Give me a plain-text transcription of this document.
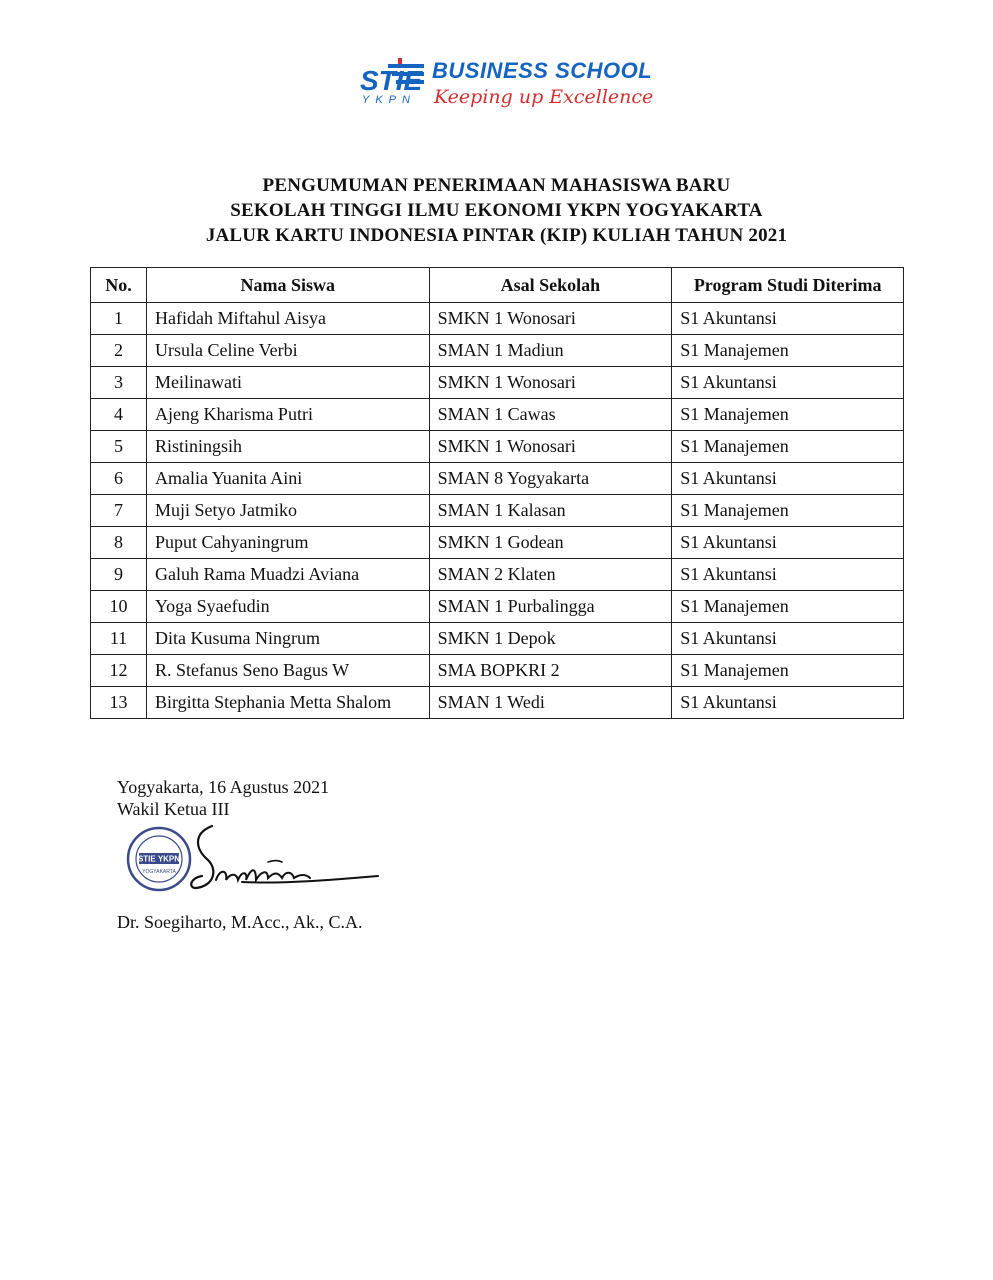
STIE
YKPN
BUSINESS SCHOOL
Keeping up Excellence
PENGUMUMAN PENERIMAAN MAHASISWA BARU
SEKOLAH TINGGI ILMU EKONOMI YKPN YOGYAKARTA
JALUR KARTU INDONESIA PINTAR (KIP) KULIAH TAHUN 2021
No.	Nama Siswa	Asal Sekolah	Program Studi Diterima
1	Hafidah Miftahul Aisya	SMKN 1 Wonosari	S1 Akuntansi
2	Ursula Celine Verbi	SMAN 1 Madiun	S1 Manajemen
3	Meilinawati	SMKN 1 Wonosari	S1 Akuntansi
4	Ajeng Kharisma Putri	SMAN 1 Cawas	S1 Manajemen
5	Ristiningsih	SMKN 1 Wonosari	S1 Manajemen
6	Amalia Yuanita Aini	SMAN 8 Yogyakarta	S1 Akuntansi
7	Muji Setyo Jatmiko	SMAN 1 Kalasan	S1 Manajemen
8	Puput Cahyaningrum	SMKN 1 Godean	S1 Akuntansi
9	Galuh Rama Muadzi Aviana	SMAN 2 Klaten	S1 Akuntansi
10	Yoga Syaefudin	SMAN 1 Purbalingga	S1 Manajemen
11	Dita Kusuma Ningrum	SMKN 1 Depok	S1 Akuntansi
12	R. Stefanus Seno Bagus W	SMA BOPKRI 2	S1 Manajemen
13	Birgitta Stephania Metta Shalom	SMAN 1 Wedi	S1 Akuntansi
Yogyakarta, 16 Agustus 2021
Wakil Ketua III
STIE YKPN
YOGYAKARTA
Dr. Soegiharto, M.Acc., Ak., C.A.
